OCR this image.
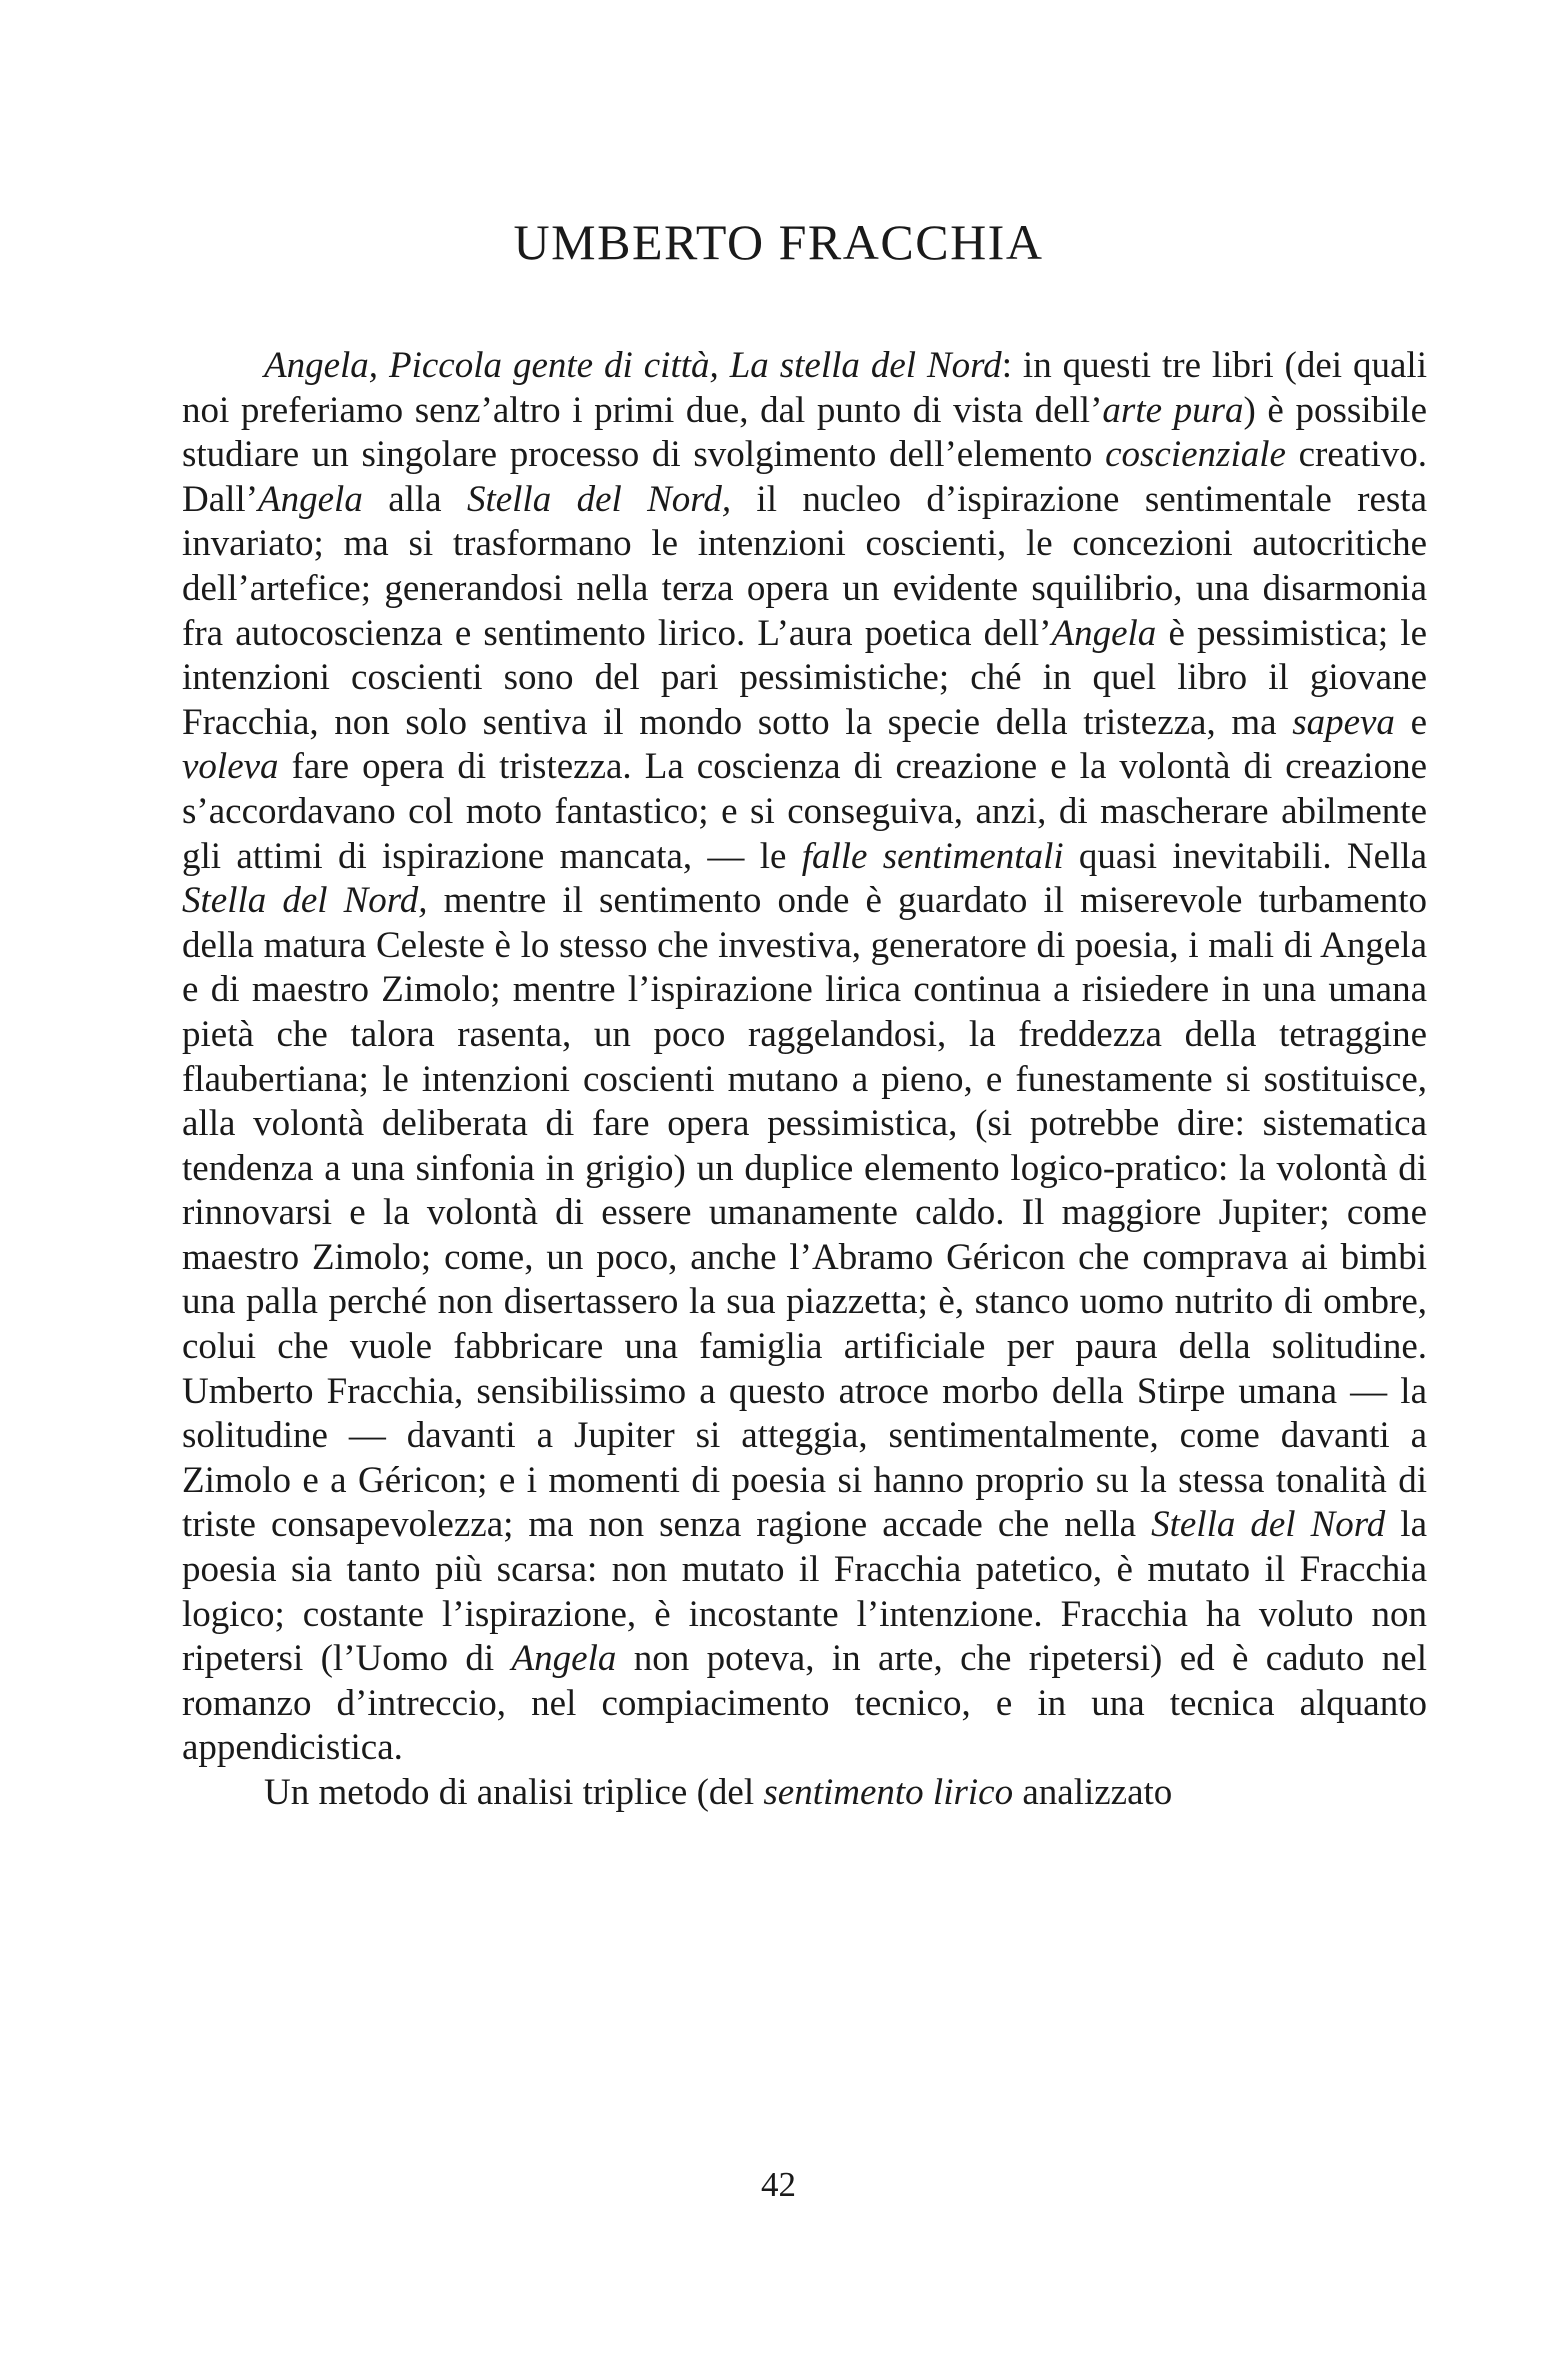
UMBERTO FRACCHIA

Angela, Piccola gente di città, La stella del Nord: in questi tre libri (dei quali noi preferiamo senz’altro i primi due, dal punto di vista dell’arte pura) è possibile studiare un singolare processo di svolgimento dell’elemento coscienziale creativo. Dall’Angela alla Stella del Nord, il nucleo d’ispirazione sentimentale resta invariato; ma si trasformano le intenzioni coscienti, le concezioni autocritiche dell’artefice; generandosi nella terza opera un evidente squilibrio, una disarmonia fra autocoscienza e sentimento lirico. L’aura poetica dell’Angela è pessimistica; le intenzioni coscienti sono del pari pessimistiche; ché in quel libro il giovane Fracchia, non solo sentiva il mondo sotto la specie della tristezza, ma sapeva e voleva fare opera di tristezza. La coscienza di creazione e la volontà di creazione s’accordavano col moto fantastico; e si conseguiva, anzi, di mascherare abilmente gli attimi di ispirazione mancata, — le falle sentimentali quasi inevitabili. Nella Stella del Nord, mentre il sentimento onde è guardato il miserevole turbamento della matura Celeste è lo stesso che investiva, generatore di poesia, i mali di Angela e di maestro Zimolo; mentre l’ispirazione lirica continua a risiedere in una umana pietà che talora rasenta, un poco raggelandosi, la freddezza della tetraggine flaubertiana; le intenzioni coscienti mutano a pieno, e funestamente si sostituisce, alla volontà deliberata di fare opera pessimistica, (si potrebbe dire: sistematica tendenza a una sinfonia in grigio) un duplice elemento logico-pratico: la volontà di rinnovarsi e la volontà di essere umanamente caldo. Il maggiore Jupiter; come maestro Zimolo; come, un poco, anche l’Abramo Géricon che comprava ai bimbi una palla perché non disertassero la sua piazzetta; è, stanco uomo nutrito di ombre, colui che vuole fabbricare una famiglia artificiale per paura della solitudine. Umberto Fracchia, sensibilissimo a questo atroce morbo della Stirpe umana — la solitudine — davanti a Jupiter si atteggia, sentimentalmente, come davanti a Zimolo e a Géricon; e i momenti di poesia si hanno proprio su la stessa tonalità di triste consapevolezza; ma non senza ragione accade che nella Stella del Nord la poesia sia tanto più scarsa: non mutato il Fracchia patetico, è mutato il Fracchia logico; costante l’ispirazione, è incostante l’intenzione. Fracchia ha voluto non ripetersi (l’Uomo di Angela non poteva, in arte, che ripetersi) ed è caduto nel romanzo d’intreccio, nel compiacimento tecnico, e in una tecnica alquanto appendicistica.

Un metodo di analisi triplice (del sentimento lirico analizzato

42
